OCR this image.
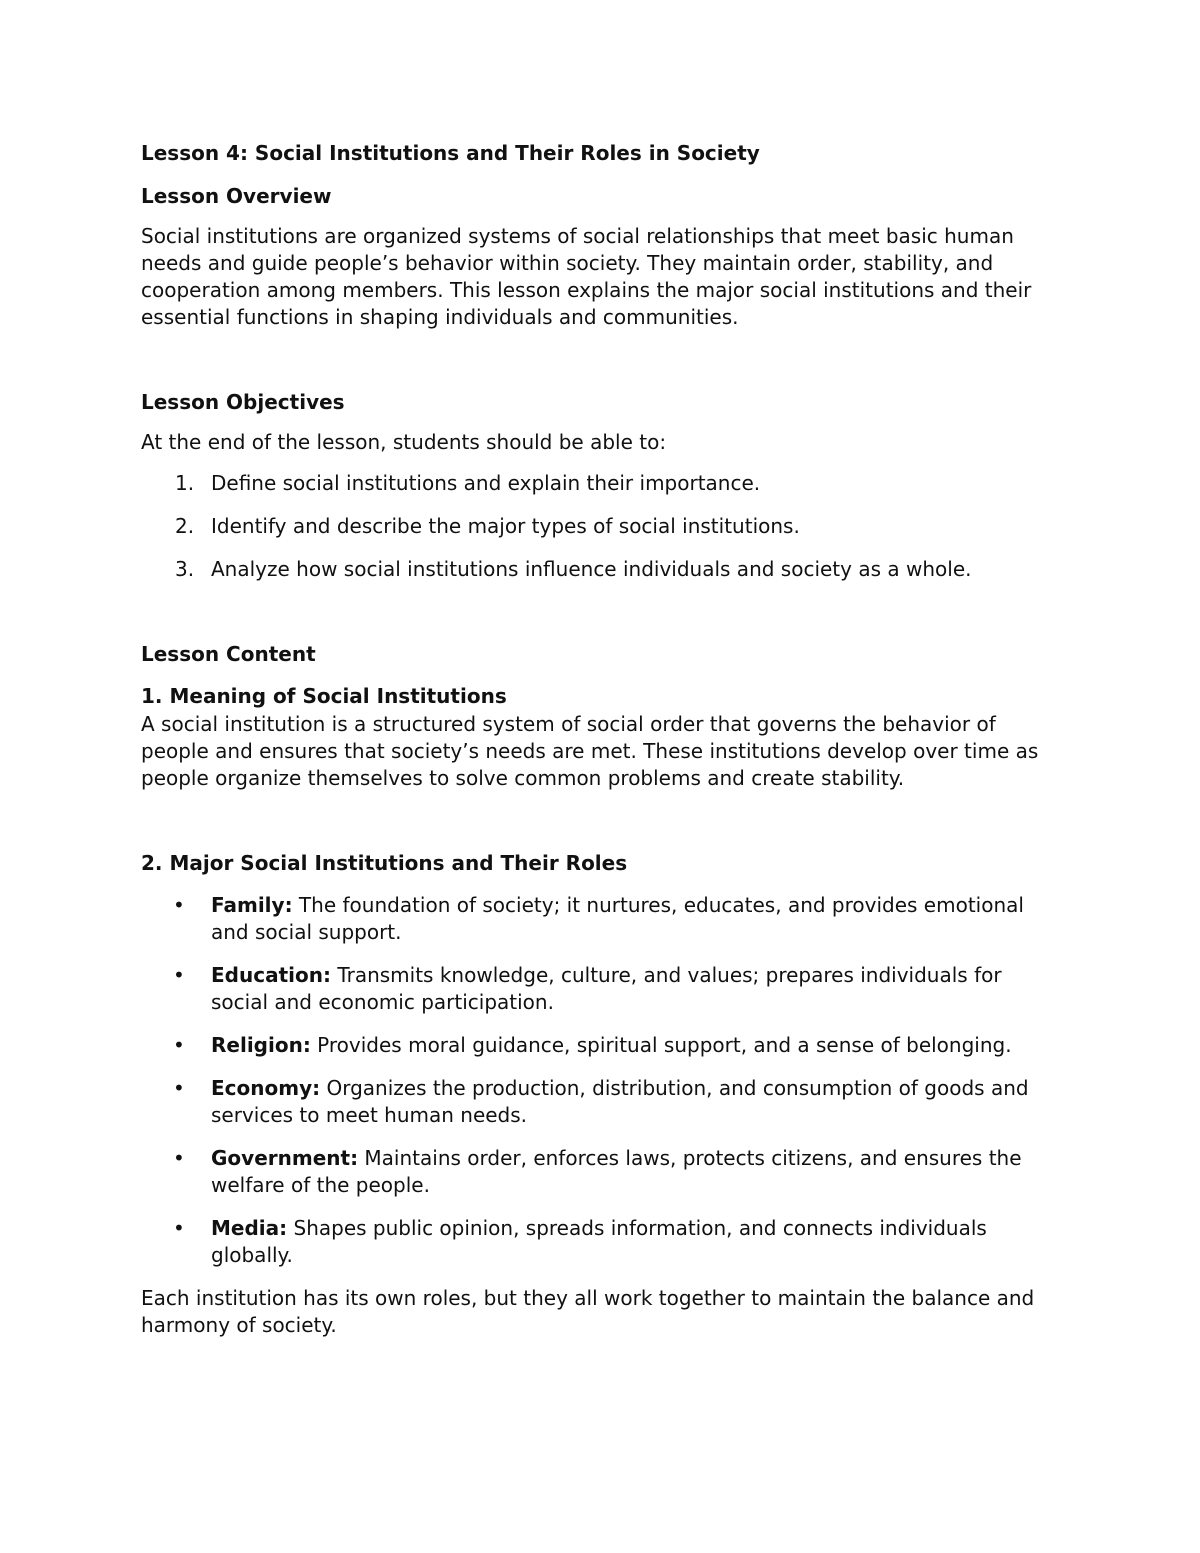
Lesson 4: Social Institutions and Their Roles in Society
Lesson Overview

Social institutions are organized systems of social relationships that meet basic human needs and guide people’s behavior within society. They maintain order, stability, and cooperation among members. This lesson explains the major social institutions and their essential functions in shaping individuals and communities.

Lesson Objectives

At the end of the lesson, students should be able to:

1. Define social institutions and explain their importance.
2. Identify and describe the major types of social institutions.
3. Analyze how social institutions influence individuals and society as a whole.
Lesson Content
1. Meaning of Social Institutions

A social institution is a structured system of social order that governs the behavior of people and ensures that society’s needs are met. These institutions develop over time as people organize themselves to solve common problems and create stability.

2. Major Social Institutions and Their Roles
• Family: The foundation of society; it nurtures, educates, and provides emotional and social support.
• Education: Transmits knowledge, culture, and values; prepares individuals for social and economic participation.
• Religion: Provides moral guidance, spiritual support, and a sense of belonging.
• Economy: Organizes the production, distribution, and consumption of goods and services to meet human needs.
• Government: Maintains order, enforces laws, protects citizens, and ensures the welfare of the people.
• Media: Shapes public opinion, spreads information, and connects individuals globally.

Each institution has its own roles, but they all work together to maintain the balance and harmony of society.
